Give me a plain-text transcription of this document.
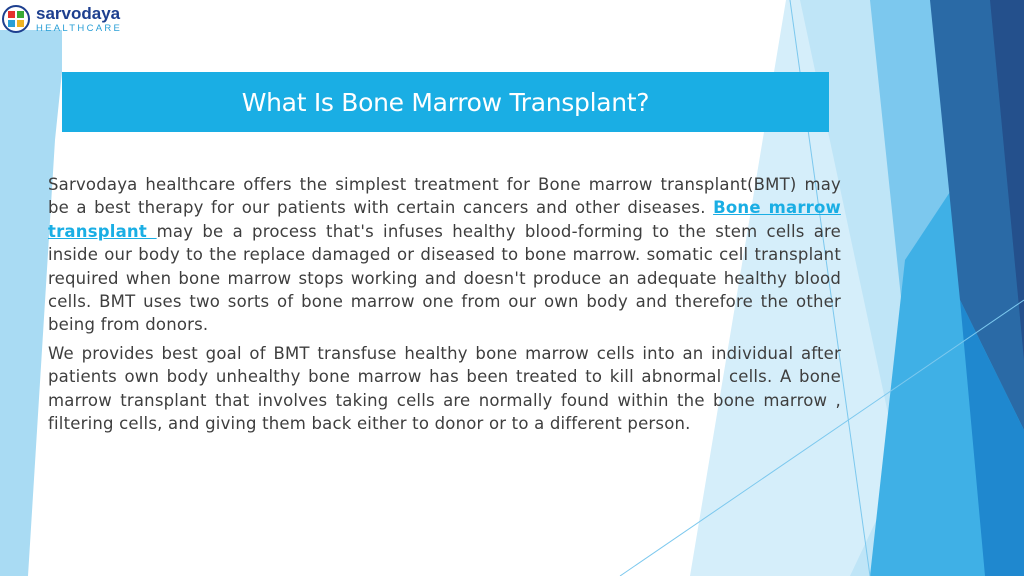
sarvodaya
HEALTHCARE
What Is Bone Marrow Transplant?

Sarvodaya healthcare offers the simplest treatment for Bone marrow transplant(BMT) may be a best therapy for our patients with certain cancers and other diseases. Bone marrow transplant may be a process that's infuses healthy blood-forming to the stem cells are inside our body to the replace damaged or diseased to bone marrow. somatic cell transplant required when bone marrow stops working and doesn't produce an adequate healthy blood cells. BMT uses two sorts of bone marrow one from our own body and therefore the other being from donors.

We provides best goal of BMT transfuse healthy bone marrow cells into an individual after patients own body unhealthy bone marrow has been treated to kill abnormal cells. A bone marrow transplant that involves taking cells are normally found within the bone marrow , filtering cells, and giving them back either to donor or to a different person.
